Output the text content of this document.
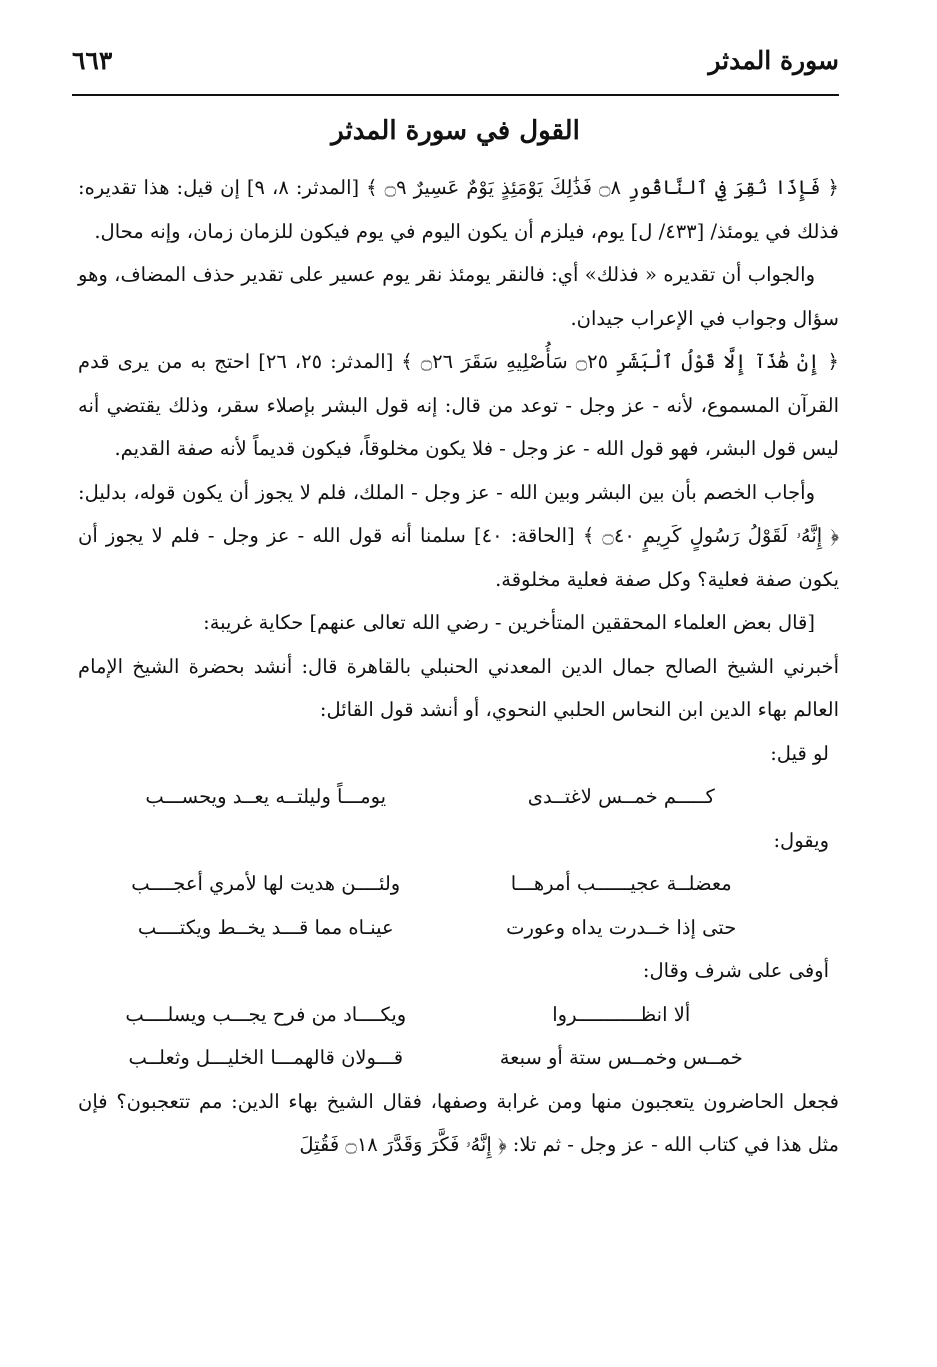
سورة المدثر
٦٦٣
القول في سورة المدثر

﴿ فَإِذَا نُقِرَ فِي ٱلنَّاقُورِ ۝٨ فَذَٰلِكَ يَوْمَئِذٍ يَوْمٌ عَسِيرٌ ۝٩ ﴾ [المدثر: ٨، ٩] إن قيل: هذا تقديره: فذلك في يومئذ/ [٤٣٣/ ل] يوم، فيلزم أن يكون اليوم في يوم فيكون للزمان زمان، وإنه محال.

والجواب أن تقديره « فذلك» أي: فالنقر يومئذ نقر يوم عسير على تقدير حذف المضاف، وهو سؤال وجواب في الإعراب جيدان.

﴿ إِنْ هَٰذَآ إِلَّا قَوْلُ ٱلْبَشَرِ ۝٢٥ سَأُصْلِيهِ سَقَرَ ۝٢٦ ﴾ [المدثر: ٢٥، ٢٦] احتج به من يرى قدم القرآن المسموع، لأنه - عز وجل - توعد من قال: إنه قول البشر بإصلاء سقر، وذلك يقتضي أنه ليس قول البشر، فهو قول الله - عز وجل - فلا يكون مخلوقاً، فيكون قديماً لأنه صفة القديم.

وأجاب الخصم بأن بين البشر وبين الله - عز وجل - الملك، فلم لا يجوز أن يكون قوله، بدليل: ﴿ إِنَّهُۥ لَقَوْلُ رَسُولٍ كَرِيمٍ ۝٤٠ ﴾ [الحاقة: ٤٠] سلمنا أنه قول الله - عز وجل - فلم لا يجوز أن يكون صفة فعلية؟ وكل صفة فعلية مخلوقة.

[قال بعض العلماء المحققين المتأخرين - رضي الله تعالى عنهم] حكاية غريبة:

أخبرني الشيخ الصالح جمال الدين المعدني الحنبلي بالقاهرة قال: أنشد بحضرة الشيخ الإمام العالم بهاء الدين ابن النحاس الحلبي النحوي، أو أنشد قول القائل:

لو قيل:

كـــــم خمــس لاغتــدى
يومـــاً وليلتــه يعــد ويحســـب

ويقول:

معضلــة عجيــــــب أمرهـــا
ولئــــن هديت لها لأمري أعجــــب
حتى إذا خــدرت يداه وعورت
عينـاه مما قـــد يخــط ويكتــــب

أوفى على شرف وقال:

ألا انظـــــــــــروا
ويكــــاد من فرح يجـــب ويسلــــب
خمــس وخمــس ستة أو سبعة
قـــولان قالهمـــا الخليـــل وثعلــب

فجعل الحاضرون يتعجبون منها ومن غرابة وصفها، فقال الشيخ بهاء الدين: مم تتعجبون؟ فإن مثل هذا في كتاب الله - عز وجل - ثم تلا: ﴿ إِنَّهُۥ فَكَّرَ وَقَدَّرَ ۝١٨ فَقُتِلَ
